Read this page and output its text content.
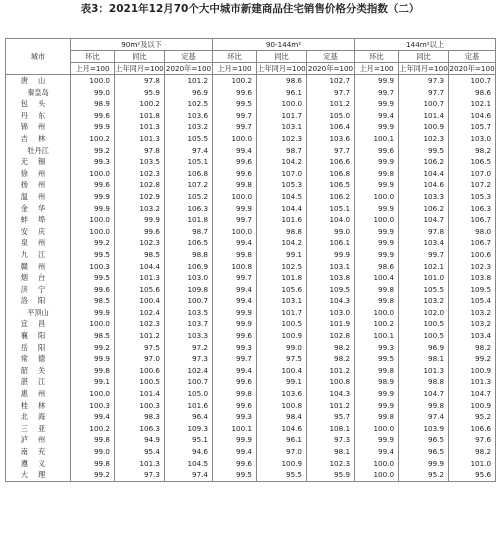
表3：2021年12月70个大中城市新建商品住宅销售价格分类指数（二）
城市	90m²及以下			90-144m²			144m²以上		
	环比	同比	定基	环比	同比	定基	环比	同比	定基
	上月=100	上年同月=100	2020年=100	上月=100	上年同月=100	2020年=100	上月=100	上年同月=100	2020年=100
唐山	100.0	97.8	101.2	100.2	98.6	102.7	99.9	97.3	100.7
秦皇岛	99.0	95.9	96.9	99.6	96.1	97.7	99.7	97.7	98.6
包头	98.9	100.2	102.5	99.5	100.0	101.2	99.9	100.7	102.1
丹东	99.6	101.8	103.6	99.7	101.7	105.0	99.4	101.4	104.6
锦州	99.9	101.3	103.2	99.7	103.1	106.4	99.9	100.9	105.7
吉林	100.2	101.3	105.5	100.0	102.3	103.6	100.1	102.3	103.0
牡丹江	99.2	97.8	97.4	99.4	98.7	97.7	99.6	99.5	98.2
无锡	99.3	103.5	105.1	99.6	104.2	106.6	99.9	106.2	106.5
徐州	100.0	102.3	106.8	99.6	107.0	106.8	99.8	104.4	107.0
扬州	99.6	102.8	107.2	99.8	105.3	106.5	99.9	104.6	107.2
温州	99.9	102.9	105.2	100.0	104.5	106.2	100.0	103.3	105.3
金华	99.9	103.2	106.3	99.9	104.4	105.1	99.9	106.2	106.3
蚌埠	100.0	99.9	101.8	99.7	101.6	104.0	100.0	104.7	106.7
安庆	100.0	99.6	98.7	100.0	98.8	99.0	99.9	97.8	98.0
泉州	99.2	102.3	106.5	99.4	104.2	106.1	99.9	103.4	106.7
九江	99.5	98.5	98.8	99.8	99.1	99.9	99.9	99.7	100.6
赣州	100.3	104.4	106.9	100.8	102.5	103.1	98.6	102.1	102.3
烟台	99.5	101.3	103.0	99.7	101.8	103.8	100.4	101.0	103.8
济宁	99.6	105.6	109.8	99.4	105.6	109.5	99.8	105.5	109.5
洛阳	98.5	100.4	100.7	99.4	103.1	104.3	99.8	103.2	105.4
平顶山	99.9	102.4	103.5	99.9	101.7	103.0	100.0	102.0	103.2
宜昌	100.0	102.3	103.7	99.9	100.5	101.9	100.2	100.5	103.2
襄阳	98.5	101.2	103.3	99.6	100.9	102.8	100.1	100.5	103.4
岳阳	99.2	97.5	97.2	99.3	99.0	98.2	99.3	96.9	98.2
常德	99.9	97.0	97.3	99.7	97.5	98.2	99.5	98.1	99.2
韶关	99.8	100.6	102.4	99.4	100.4	101.2	99.8	101.3	100.9
湛江	99.1	100.5	100.7	99.6	99.1	100.8	98.9	98.8	101.3
惠州	100.0	101.4	105.0	99.8	103.6	104.3	99.9	104.7	104.7
桂林	100.3	100.3	101.6	99.6	100.8	101.2	99.9	99.8	100.9
北海	99.4	98.3	96.4	99.3	98.4	95.7	99.8	97.4	95.2
三亚	100.2	106.3	109.3	100.1	104.6	108.1	100.0	103.9	106.6
泸州	99.8	94.9	95.1	99.9	96.1	97.3	99.9	96.5	97.6
南充	99.0	95.4	94.6	99.4	97.0	98.1	99.4	96.5	98.2
遵义	99.8	101.3	104.5	99.6	100.9	102.3	100.0	99.9	101.0
大理	99.2	97.3	97.4	99.5	95.5	95.9	100.0	95.2	95.6
